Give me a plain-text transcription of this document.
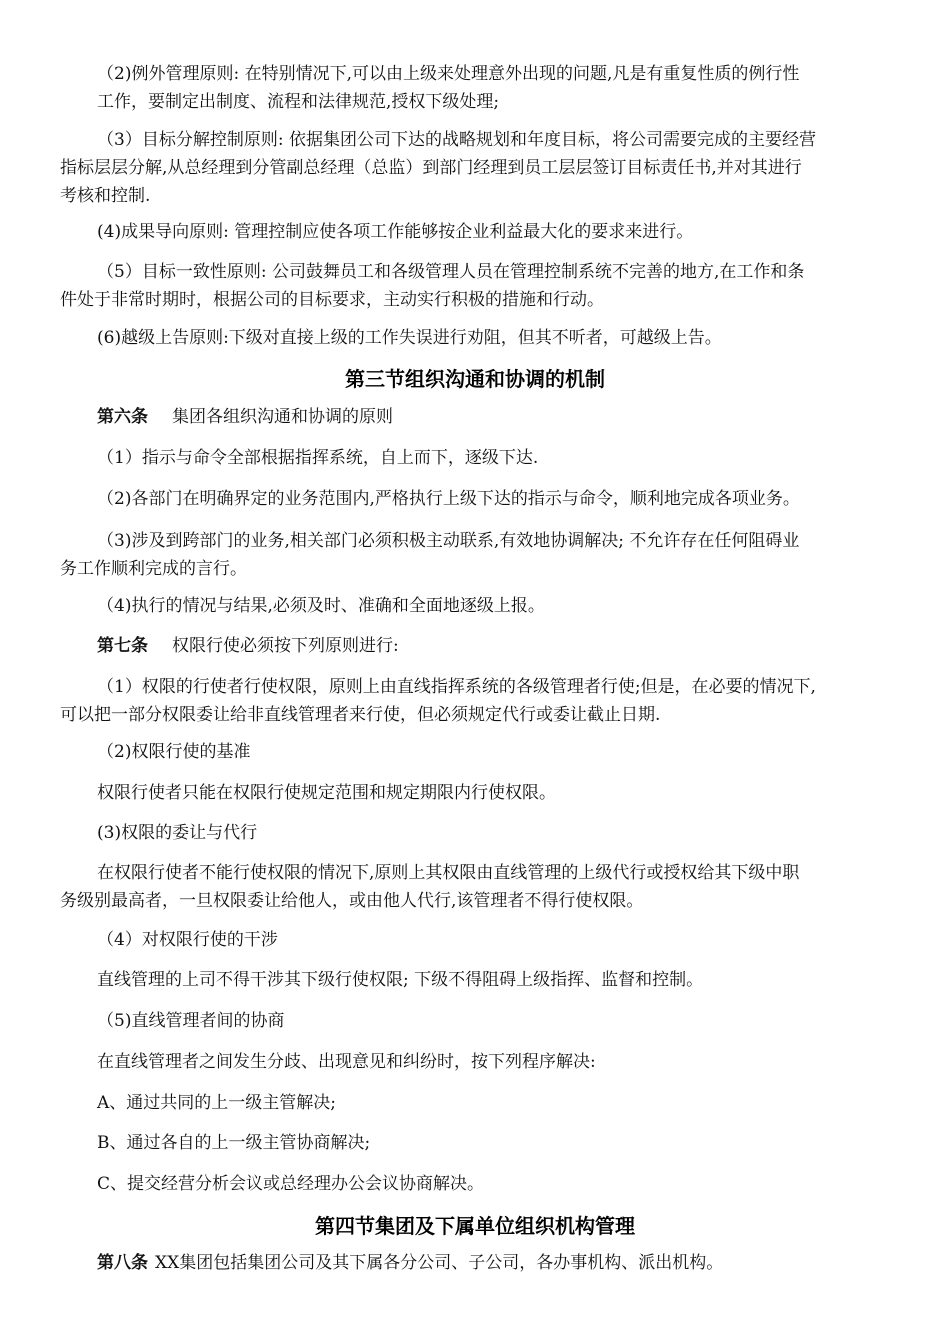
（2)例外管理原则: 在特别情况下,可以由上级来处理意外出现的问题,凡是有重复性质的例行性
工作，要制定出制度、流程和法律规范,授权下级处理;
（3）目标分解控制原则: 依据集团公司下达的战略规划和年度目标，将公司需要完成的主要经营
指标层层分解,从总经理到分管副总经理（总监）到部门经理到员工层层签订目标责任书,并对其进行
考核和控制.
(4)成果导向原则: 管理控制应使各项工作能够按企业利益最大化的要求来进行。
（5）目标一致性原则: 公司鼓舞员工和各级管理人员在管理控制系统不完善的地方,在工作和条
件处于非常时期时，根据公司的目标要求，主动实行积极的措施和行动。
(6)越级上告原则:下级对直接上级的工作失误进行劝阻，但其不听者，可越级上告。
第三节组织沟通和协调的机制
第六条 集团各组织沟通和协调的原则
（1）指示与命令全部根据指挥系统，自上而下，逐级下达.
（2)各部门在明确界定的业务范围内,严格执行上级下达的指示与命令，顺利地完成各项业务。
（3)涉及到跨部门的业务,相关部门必须积极主动联系,有效地协调解决; 不允许存在任何阻碍业
务工作顺利完成的言行。
（4)执行的情况与结果,必须及时、准确和全面地逐级上报。
第七条 权限行使必须按下列原则进行:
（1）权限的行使者行使权限，原则上由直线指挥系统的各级管理者行使;但是，在必要的情况下,
可以把一部分权限委让给非直线管理者来行使，但必须规定代行或委让截止日期.
（2)权限行使的基准
权限行使者只能在权限行使规定范围和规定期限内行使权限。
(3)权限的委让与代行
在权限行使者不能行使权限的情况下,原则上其权限由直线管理的上级代行或授权给其下级中职
务级别最高者，一旦权限委让给他人，或由他人代行,该管理者不得行使权限。
（4）对权限行使的干涉
直线管理的上司不得干涉其下级行使权限; 下级不得阻碍上级指挥、监督和控制。
（5)直线管理者间的协商
在直线管理者之间发生分歧、出现意见和纠纷时，按下列程序解决:
A、通过共同的上一级主管解决;
B、通过各自的上一级主管协商解决;
C、提交经营分析会议或总经理办公会议协商解决。
第四节集团及下属单位组织机构管理
第八条 XX集团包括集团公司及其下属各分公司、子公司，各办事机构、派出机构。
